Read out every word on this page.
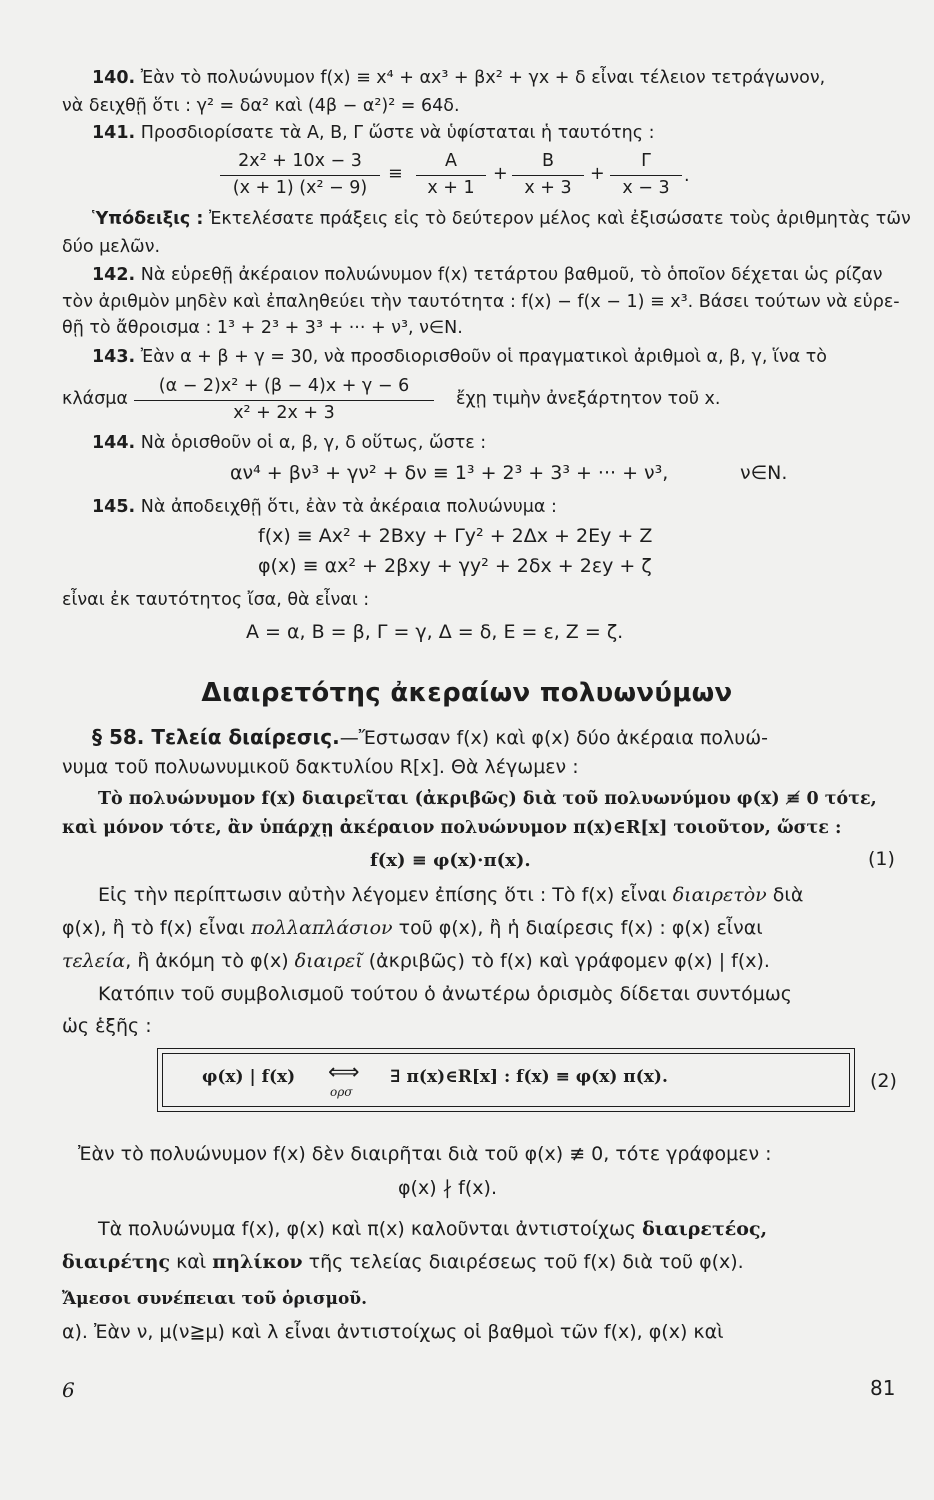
140. Ἐὰν τὸ πολυώνυμον f(x) ≡ x⁴ + αx³ + βx² + γx + δ εἶναι τέλειον τετράγωνον,
νὰ δειχθῇ ὅτι : γ² = δα² καὶ (4β − α²)² = 64δ.
141. Προσδιορίσατε τὰ Α, Β, Γ ὥστε νὰ ὑφίσταται ἡ ταυτότης :
2x² + 10x − 3
(x + 1) (x² − 9)
≡
A
x + 1
+
B
x + 3
+
Γ
x − 3
.
Ὑπόδειξις : Ἐκτελέσατε πράξεις εἰς τὸ δεύτερον μέλος καὶ ἐξισώσατε τοὺς ἀριθμητὰς τῶν
δύο μελῶν.
142. Νὰ εὑρεθῇ ἀκέραιον πολυώνυμον f(x) τετάρτου βαθμοῦ, τὸ ὁποῖον δέχεται ὡς ρίζαν
τὸν ἀριθμὸν μηδὲν καὶ ἐπαληθεύει τὴν ταυτότητα : f(x) − f(x − 1) ≡ x³. Βάσει τούτων νὰ εὑρε-
θῇ τὸ ἄθροισμα : 1³ + 2³ + 3³ + ··· + ν³, ν∈N.
143. Ἐὰν α + β + γ = 30, νὰ προσδιορισθοῦν οἱ πραγματικοὶ ἀριθμοὶ α, β, γ, ἵνα τὸ
κλάσμα
(α − 2)x² + (β − 4)x + γ − 6
x² + 2x + 3
ἔχῃ τιμὴν ἀνεξάρτητον τοῦ x.
144. Νὰ ὁρισθοῦν οἱ α, β, γ, δ οὕτως, ὥστε :
αν⁴ + βν³ + γν² + δν ≡ 1³ + 2³ + 3³ + ··· + ν³,	ν∈N.
145. Νὰ ἀποδειχθῇ ὅτι, ἐὰν τὰ ἀκέραια πολυώνυμα :
f(x) ≡ Ax² + 2Bxy + Γy² + 2Δx + 2Ey + Z
φ(x) ≡ αx² + 2βxy + γy² + 2δx + 2εy + ζ
εἶναι ἐκ ταυτότητος ἴσα, θὰ εἶναι :
A = α, B = β, Γ = γ, Δ = δ, E = ε, Z = ζ.
Διαιρετότης ἀκεραίων πολυωνύμων
§ 58. Τελεία διαίρεσις.—Ἔστωσαν f(x) καὶ φ(x) δύο ἀκέραια πολυώ-
νυμα τοῦ πολυωνυμικοῦ δακτυλίου R[x]. Θὰ λέγωμεν :
Τὸ πολυώνυμον f(x) διαιρεῖται (ἀκριβῶς) διὰ τοῦ πολυωνύμου φ(x) ≢ 0 τότε,
καὶ μόνον τότε, ἂν ὑπάρχῃ ἀκέραιον πολυώνυμον π(x)∈R[x] τοιοῦτον, ὥστε :
f(x) ≡ φ(x)·π(x).	(1)
Εἰς τὴν περίπτωσιν αὐτὴν λέγομεν ἐπίσης ὅτι : Τὸ f(x) εἶναι διαιρετὸν διὰ
φ(x), ἢ τὸ f(x) εἶναι πολλαπλάσιον τοῦ φ(x), ἢ ἡ διαίρεσις f(x) : φ(x) εἶναι
τελεία, ἢ ἀκόμη τὸ φ(x) διαιρεῖ (ἀκριβῶς) τὸ f(x) καὶ γράφομεν φ(x) | f(x).
Κατόπιν τοῦ συμβολισμοῦ τούτου ὁ ἀνωτέρω ὁρισμὸς δίδεται συντόμως
ὡς ἑξῆς :
φ(x) | f(x) ⟺
ορσ
∃ π(x)∈R[x] : f(x) ≡ φ(x) π(x).	(2)
Ἐὰν τὸ πολυώνυμον f(x) δὲν διαιρῆται διὰ τοῦ φ(x) ≢ 0, τότε γράφομεν :
φ(x) ∤ f(x).
Τὰ πολυώνυμα f(x), φ(x) καὶ π(x) καλοῦνται ἀντιστοίχως διαιρετέος,
διαιρέτης καὶ πηλίκον τῆς τελείας διαιρέσεως τοῦ f(x) διὰ τοῦ φ(x).
Ἄμεσοι συνέπειαι τοῦ ὁρισμοῦ.
α). Ἐὰν ν, μ(ν≧μ) καὶ λ εἶναι ἀντιστοίχως οἱ βαθμοὶ τῶν f(x), φ(x) καὶ
6	81
